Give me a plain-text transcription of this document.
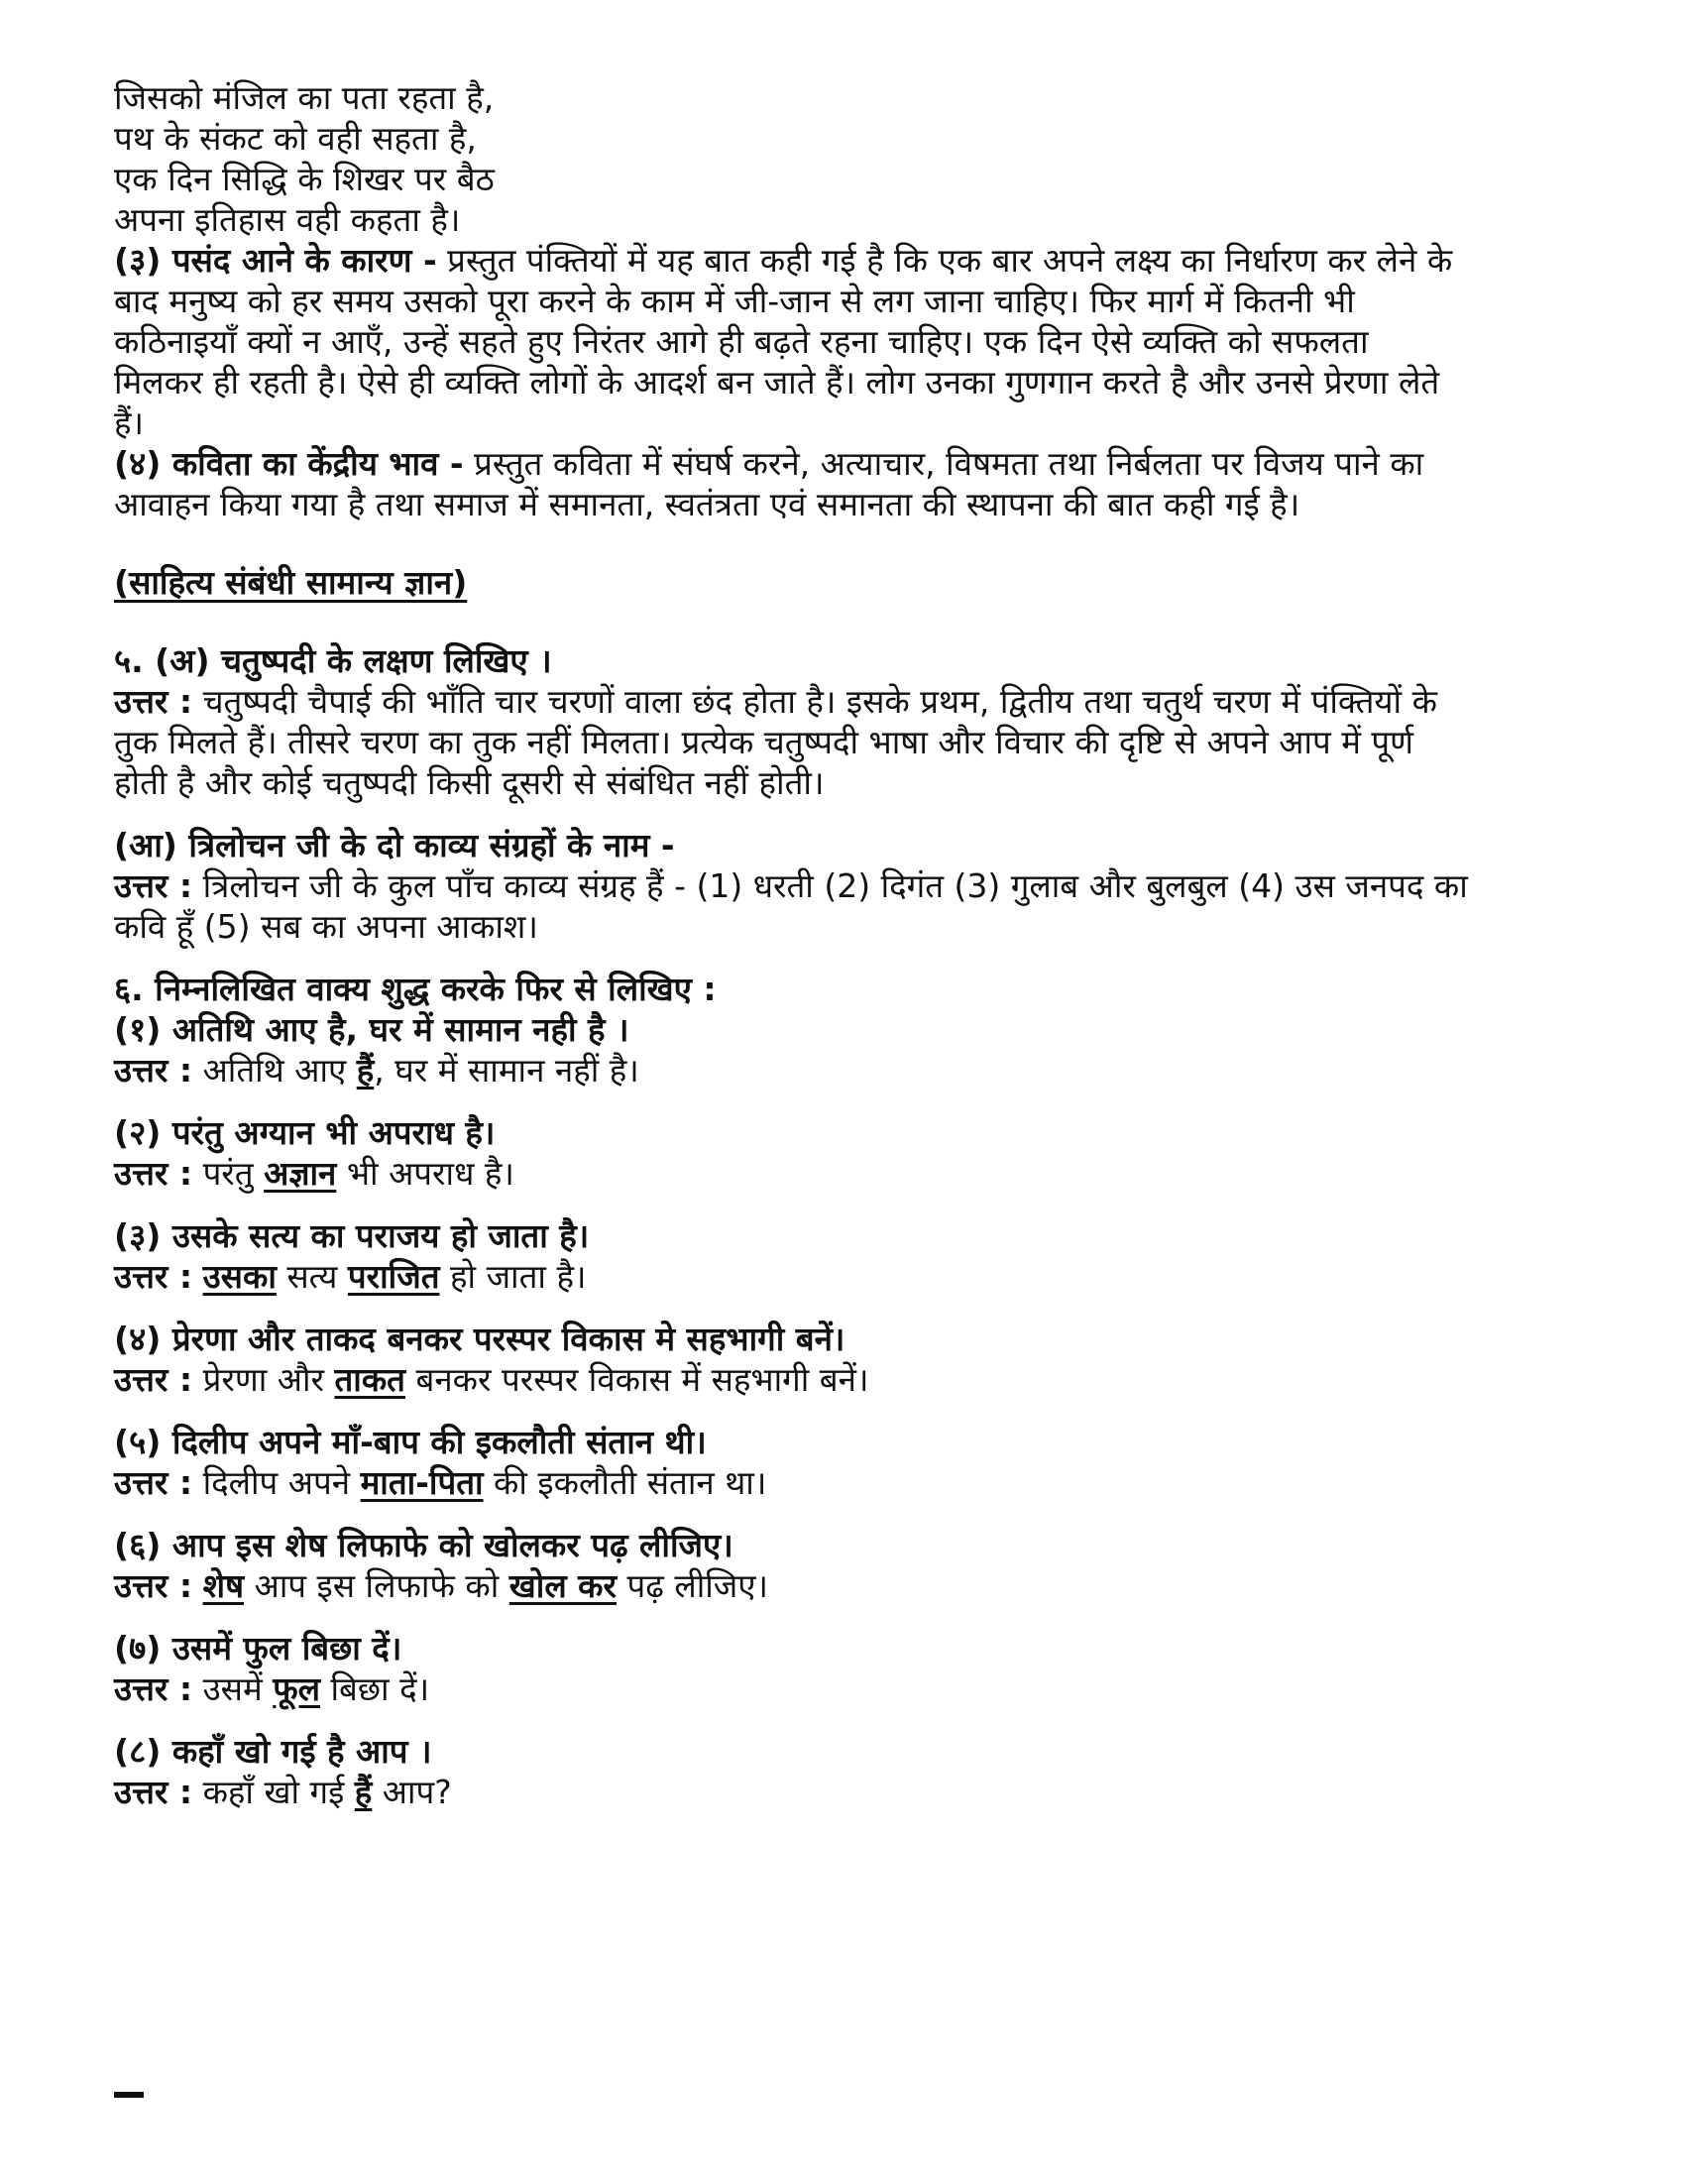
जिसको मंजिल का पता रहता है,
पथ के संकट को वही सहता है,
एक दिन सिद्धि के शिखर पर बैठ
अपना इतिहास वही कहता है।
(३) पसंद आने के कारण - प्रस्तुत पंक्तियों में यह बात कही गई है कि एक बार अपने लक्ष्य का निर्धारण कर लेने के
बाद मनुष्य को हर समय उसको पूरा करने के काम में जी-जान से लग जाना चाहिए। फिर मार्ग में कितनी भी
कठिनाइयाँ क्यों न आएँ, उन्हें सहते हुए निरंतर आगे ही बढ़ते रहना चाहिए। एक दिन ऐसे व्यक्ति को सफलता
मिलकर ही रहती है। ऐसे ही व्यक्ति लोगों के आदर्श बन जाते हैं। लोग उनका गुणगान करते है और उनसे प्रेरणा लेते
हैं।
(४) कविता का केंद्रीय भाव - प्रस्तुत कविता में संघर्ष करने, अत्याचार, विषमता तथा निर्बलता पर विजय पाने का
आवाहन किया गया है तथा समाज में समानता, स्वतंत्रता एवं समानता की स्थापना की बात कही गई है।
(साहित्य संबंधी सामान्य ज्ञान)
५. (अ) चतुष्पदी के लक्षण लिखिए ।
उत्तर : चतुष्पदी चैपाई की भाँति चार चरणों वाला छंद होता है। इसके प्रथम, द्वितीय तथा चतुर्थ चरण में पंक्तियों के
तुक मिलते हैं। तीसरे चरण का तुक नहीं मिलता। प्रत्येक चतुष्पदी भाषा और विचार की दृष्टि से अपने आप में पूर्ण
होती है और कोई चतुष्पदी किसी दूसरी से संबंधित नहीं होती।
(आ) त्रिलोचन जी के दो काव्य संग्रहों के नाम -
उत्तर : त्रिलोचन जी के कुल पाँच काव्य संग्रह हैं - (1) धरती (2) दिगंत (3) गुलाब और बुलबुल (4) उस जनपद का
कवि हूँ (5) सब का अपना आकाश।
६. निम्नलिखित वाक्य शुद्ध करके फिर से लिखिए :
(१) अतिथि आए है, घर में सामान नही है ।
उत्तर : अतिथि आए हैं, घर में सामान नहीं है।
(२) परंतु अग्यान भी अपराध है।
उत्तर : परंतु अज्ञान भी अपराध है।
(३) उसके सत्य का पराजय हो जाता है।
उत्तर : उसका सत्य पराजित हो जाता है।
(४) प्रेरणा और ताकद बनकर परस्पर विकास मे सहभागी बनें।
उत्तर : प्रेरणा और ताकत बनकर परस्पर विकास में सहभागी बनें।
(५) दिलीप अपने माँ-बाप की इकलौती संतान थी।
उत्तर : दिलीप अपने माता-पिता की इकलौती संतान था।
(६) आप इस शेष लिफाफे को खोलकर पढ़ लीजिए।
उत्तर : शेष आप इस लिफाफे को खोल कर पढ़ लीजिए।
(७) उसमें फुल बिछा दें।
उत्तर : उसमें फूल बिछा दें।
(८) कहाँ खो गई है आप ।
उत्तर : कहाँ खो गई हैं आप?
